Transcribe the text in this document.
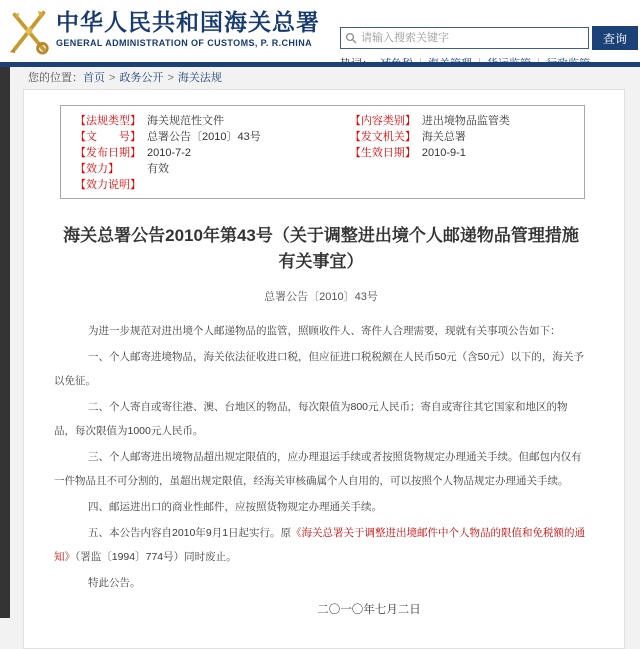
中华人民共和国海关总署
GENERAL ADMINISTRATION OF CUSTOMS, P. R.CHINA
请输入搜索关键字	查询
您的位置：首页 > 政务公开 > 海关法规
【法规类型】 海关规范性文件
【文　　号】 总署公告〔2010〕43号
【发布日期】 2010-7-2
【效力】	有效
【效力说明】
【内容类别】 进出境物品监管类
【发文机关】 海关总署
【生效日期】 2010-9-1
海关总署公告2010年第43号（关于调整进出境个人邮递物品管理措施有关事宜）
总署公告〔2010〕43号

为进一步规范对进出境个人邮递物品的监管，照顾收件人、寄件人合理需要，现就有关事项公告如下：

一、个人邮寄进境物品，海关依法征收进口税，但应征进口税税额在人民币50元（含50元）以下的，海关予以免征。

二、个人寄自或寄往港、澳、台地区的物品，每次限值为800元人民币；寄自或寄往其它国家和地区的物品，每次限值为1000元人民币。

三、个人邮寄进出境物品超出规定限值的，应办理退运手续或者按照货物规定办理通关手续。但邮包内仅有一件物品且不可分割的，虽超出规定限值，经海关审核确属个人自用的，可以按照个人物品规定办理通关手续。

四、邮运进出口的商业性邮件，应按照货物规定办理通关手续。

五、本公告内容自2010年9月1日起实行。原《海关总署关于调整进出境邮件中个人物品的限值和免税额的通知》（署监〔1994〕774号）同时废止。

特此公告。

二〇一〇年七月二日
